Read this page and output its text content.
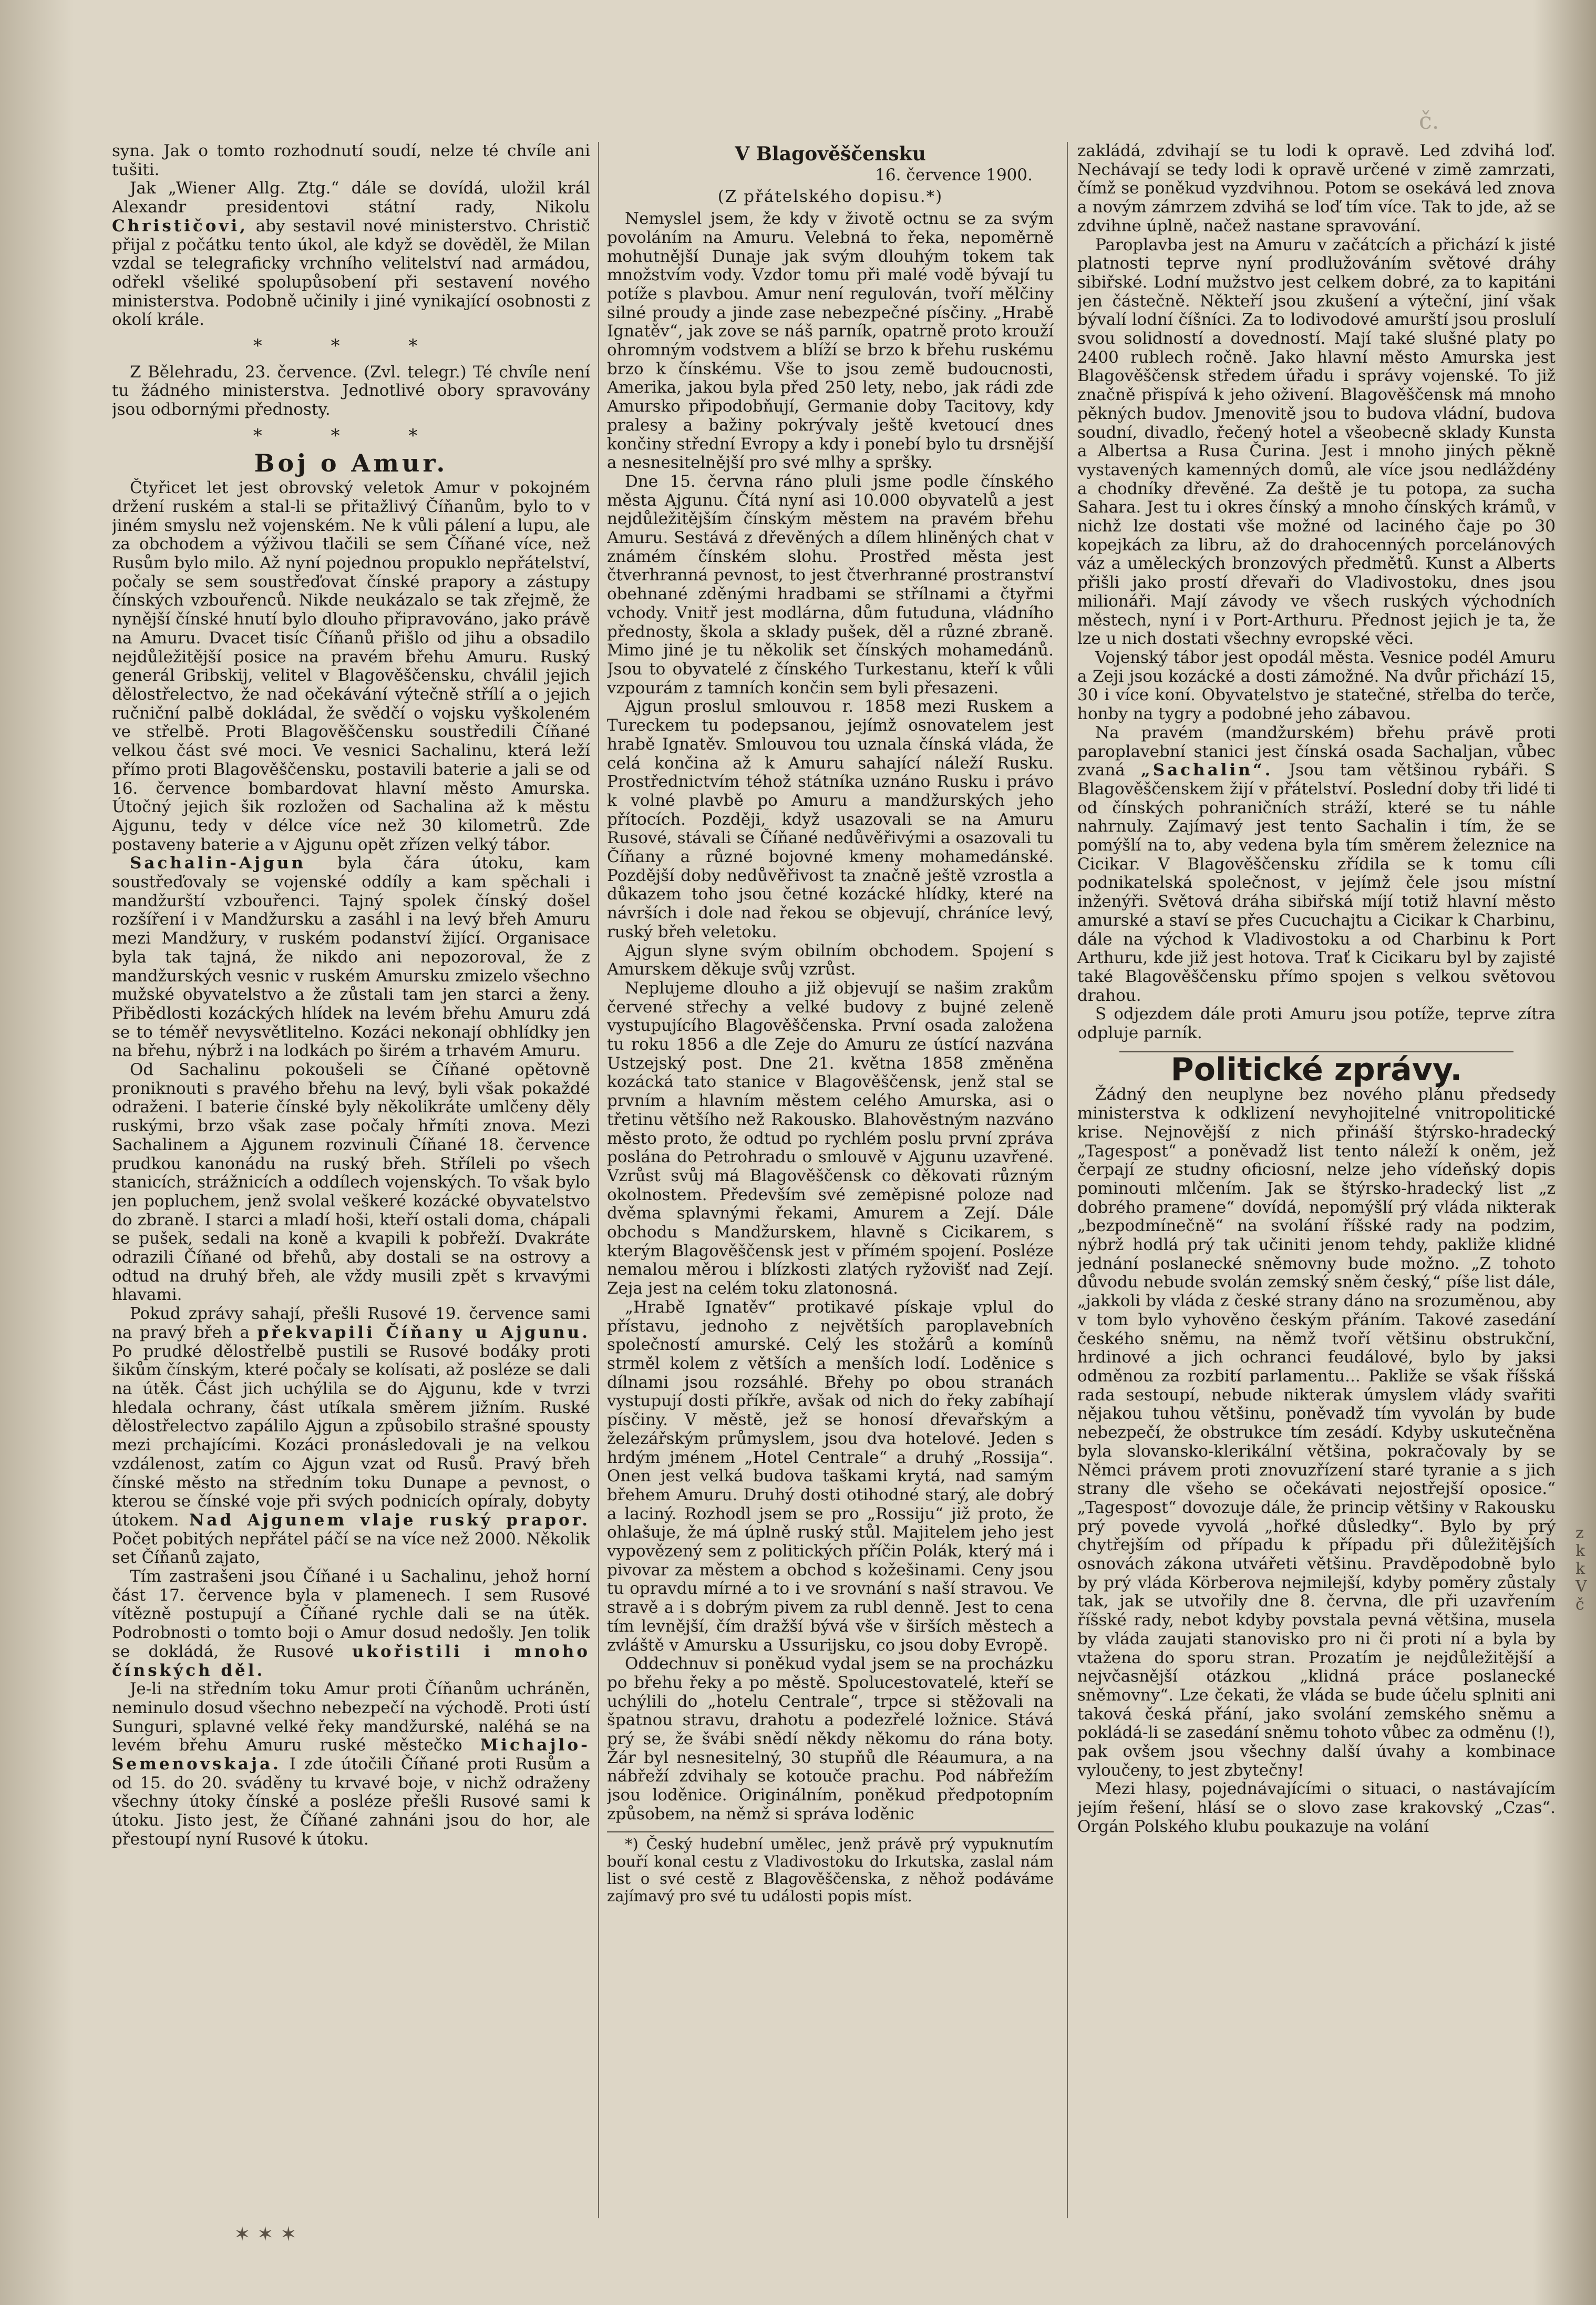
č.

syna. Jak o tomto rozhodnutí soudí, nelze té chvíle ani tušiti.

Jak „Wiener Allg. Ztg.“ dále se dovídá, uložil král Alexandr presidentovi státní rady, Nikolu Christičovi, aby sestavil nové ministerstvo. Christič přijal z počátku tento úkol, ale když se dověděl, že Milan vzdal se telegraficky vrchního velitelství nad armádou, odřekl všeliké spolupůsobení při sestavení nového ministerstva. Podobně učinily i jiné vynikající osobnosti z okolí krále.

* * *

Z Bělehradu, 23. července. (Zvl. telegr.) Té chvíle není tu žádného ministerstva. Jednotlivé obory spravovány jsou odbornými přednosty.

* * *

Boj o Amur.

Čtyřicet let jest obrovský veletok Amur v pokojném držení ruském a stal-li se přitažlivý Číňanům, bylo to v jiném smyslu než vojenském. Ne k vůli pálení a lupu, ale za obchodem a výživou tlačili se sem Číňané více, než Rusům bylo milo. Až nyní pojednou propuklo nepřátelství, počaly se sem soustřeďovat čínské prapory a zástupy čínských vzbouřenců. Nikde neukázalo se tak zřejmě, že nynější čínské hnutí bylo dlouho připravováno, jako právě na Amuru. Dvacet tisíc Číňanů přišlo od jihu a obsadilo nejdůležitější posice na pravém břehu Amuru. Ruský generál Gribskij, velitel v Blagověščensku, chválil jejich dělostřelectvo, že nad očekávání výtečně střílí a o jejich ručniční palbě dokládal, že svědčí o vojsku vyškoleném ve střelbě. Proti Blagověščensku soustředili Číňané velkou část své moci. Ve vesnici Sachalinu, která leží přímo proti Blagověščensku, postavili baterie a jali se od 16. července bombardovat hlavní město Amurska. Útočný jejich šik rozložen od Sachalina až k městu Ajgunu, tedy v délce více než 30 kilometrů. Zde postaveny baterie a v Ajgunu opět zřízen velký tábor.

Sachalin-Ajgun byla čára útoku, kam soustřeďovaly se vojenské oddíly a kam spěchali i mandžurští vzbouřenci. Tajný spolek čínský došel rozšíření i v Mandžursku a zasáhl i na levý břeh Amuru mezi Mandžury, v ruském podanství žijící. Organisace byla tak tajná, že nikdo ani nepozoroval, že z mandžurských vesnic v ruském Amursku zmizelo všechno mužské obyvatelstvo a že zůstali tam jen starci a ženy. Přibědlosti kozáckých hlídek na levém břehu Amuru zdá se to téměř nevysvětlitelno. Kozáci nekonají obhlídky jen na břehu, nýbrž i na lodkách po širém a trhavém Amuru.

Od Sachalinu pokoušeli se Číňané opětovně proniknouti s pravého břehu na levý, byli však pokaždé odraženi. I baterie čínské byly několikráte umlčeny děly ruskými, brzo však zase počaly hřmíti znova. Mezi Sachalinem a Ajgunem rozvinuli Číňané 18. července prudkou kanonádu na ruský břeh. Stříleli po všech stanicích, strážnicích a oddílech vojenských. To však bylo jen popluchem, jenž svolal veškeré kozácké obyvatelstvo do zbraně. I starci a mladí hoši, kteří ostali doma, chápali se pušek, sedali na koně a kvapili k pobřeží. Dvakráte odrazili Číňané od břehů, aby dostali se na ostrovy a odtud na druhý břeh, ale vždy musili zpět s krvavými hlavami.

Pokud zprávy sahají, přešli Rusové 19. července sami na pravý břeh a překvapili Číňany u Ajgunu. Po prudké dělostřelbě pustili se Rusové bodáky proti šikům čínským, které počaly se kolísati, až posléze se dali na útěk. Část jich uchýlila se do Ajgunu, kde v tvrzi hledala ochrany, část utíkala směrem jižním. Ruské dělostřelectvo zapálilo Ajgun a způsobilo strašné spousty mezi prchajícími. Kozáci pronásledovali je na velkou vzdálenost, zatím co Ajgun vzat od Rusů. Pravý břeh čínské město na středním toku Dunape a pevnost, o kterou se čínské voje při svých podnicích opíraly, dobyty útokem. Nad Ajgunem vlaje ruský prapor. Počet pobitých nepřátel páčí se na více než 2000. Několik set Číňanů zajato,

Tím zastrašeni jsou Číňané i u Sachalinu, jehož horní část 17. července byla v plamenech. I sem Rusové vítězně postupují a Číňané rychle dali se na útěk. Podrobnosti o tomto boji o Amur dosud nedošly. Jen tolik se dokládá, že Rusové ukořistili i mnoho čínských děl.

Je-li na středním toku Amur proti Číňanům uchráněn, neminulo dosud všechno nebezpečí na východě. Proti ústí Sunguri, splavné velké řeky mandžurské, naléhá se na levém břehu Amuru ruské městečko Michajlo-Semenovskaja. I zde útočili Číňané proti Rusům a od 15. do 20. sváděny tu krvavé boje, v nichž odraženy všechny útoky čínské a posléze přešli Rusové sami k útoku. Jisto jest, že Číňané zahnáni jsou do hor, ale přestoupí nyní Rusové k útoku.

V Blagověščensku
16. července 1900.
(Z přátelského dopisu.*)

Nemyslel jsem, že kdy v životě octnu se za svým povoláním na Amuru. Velebná to řeka, nepoměrně mohutnější Dunaje jak svým dlouhým tokem tak množstvím vody. Vzdor tomu při malé vodě bývají tu potíže s plavbou. Amur není regulován, tvoří mělčiny silné proudy a jinde zase nebezpečné písčiny. „Hrabě Ignatěv“, jak zove se náš parník, opatrně proto krouží ohromným vodstvem a blíží se brzo k břehu ruskému brzo k čínskému. Vše to jsou země budoucnosti, Amerika, jakou byla před 250 lety, nebo, jak rádi zde Amursko připodobňují, Germanie doby Tacitovy, kdy pralesy a bažiny pokrývaly ještě kvetoucí dnes končiny střední Evropy a kdy i ponebí bylo tu drsnější a nesnesitelnější pro své mlhy a spršky.

Dne 15. června ráno pluli jsme podle čínského města Ajgunu. Čítá nyní asi 10.000 obyvatelů a jest nejdůležitějším čínským městem na pravém břehu Amuru. Sestává z dřevěných a dílem hliněných chat v známém čínském slohu. Prostřed města jest čtverhranná pevnost, to jest čtverhranné prostranství obehnané zděnými hradbami se střílnami a čtyřmi vchody. Vnitř jest modlárna, dům futuduna, vládního přednosty, škola a sklady pušek, děl a různé zbraně. Mimo jiné je tu několik set čínských mohamedánů. Jsou to obyvatelé z čínského Turkestanu, kteří k vůli vzpourám z tamních končin sem byli přesazeni.

Ajgun proslul smlouvou r. 1858 mezi Ruskem a Tureckem tu podepsanou, jejímž osnovatelem jest hrabě Ignatěv. Smlouvou tou uznala čínská vláda, že celá končina až k Amuru sahající náleží Rusku. Prostřednictvím téhož státníka uznáno Rusku i právo k volné plavbě po Amuru a mandžurských jeho přítocích. Později, když usazovali se na Amuru Rusové, stávali se Číňané nedůvěřivými a osazovali tu Číňany a různé bojovné kmeny mohamedánské. Pozdější doby nedůvěřivost ta značně ještě vzrostla a důkazem toho jsou četné kozácké hlídky, které na návrších i dole nad řekou se objevují, chráníce levý, ruský břeh veletoku.

Ajgun slyne svým obilním obchodem. Spojení s Amurskem děkuje svůj vzrůst.

Neplujeme dlouho a již objevují se našim zrakům červené střechy a velké budovy z bujné zeleně vystupujícího Blagověščenska. První osada založena tu roku 1856 a dle Zeje do Amuru ze ústící nazvána Ustzejský post. Dne 21. května 1858 změněna kozácká tato stanice v Blagověščensk, jenž stal se prvním a hlavním městem celého Amurska, asi o třetinu většího než Rakousko. Blahověstným nazváno město proto, že odtud po rychlém poslu první zpráva poslána do Petrohradu o smlouvě v Ajgunu uzavřené. Vzrůst svůj má Blagověščensk co děkovati různým okolnostem. Především své zeměpisné poloze nad dvěma splavnými řekami, Amurem a Zejí. Dále obchodu s Mandžurskem, hlavně s Cicikarem, s kterým Blagověščensk jest v přímém spojení. Posléze nemalou měrou i blízkosti zlatých ryžovišť nad Zejí. Zeja jest na celém toku zlatonosná.

„Hrabě Ignatěv“ protikavé pískaje vplul do přístavu, jednoho z největších paroplavebních společností amurské. Celý les stožárů a komínů strměl kolem z větších a menších lodí. Loděnice s dílnami jsou rozsáhlé. Břehy po obou stranách vystupují dosti příkře, avšak od nich do řeky zabíhají písčiny. V městě, jež se honosí dřevařským a železářským průmyslem, jsou dva hotelové. Jeden s hrdým jménem „Hotel Centrale“ a druhý „Rossija“. Onen jest velká budova taškami krytá, nad samým břehem Amuru. Druhý dosti otihodné starý, ale dobrý a laciný. Rozhodl jsem se pro „Rossiju“ již proto, že ohlašuje, že má úplně ruský stůl. Majitelem jeho jest vypovězený sem z politických příčin Polák, který má i pivovar za městem a obchod s kožešinami. Ceny jsou tu opravdu mírné a to i ve srovnání s naší stravou. Ve stravě a i s dobrým pivem za rubl denně. Jest to cena tím levnější, čím dražší bývá vše v širších městech a zvláště v Amursku a Ussurijsku, co jsou doby Evropě.

Oddechnuv si poněkud vydal jsem se na procházku po břehu řeky a po městě. Spolucestovatelé, kteří se uchýlili do „hotelu Centrale“, trpce si stěžovali na špatnou stravu, drahotu a podezřelé ložnice. Stává prý se, že švábi snědí někdy někomu do rána boty. Žár byl nesnesitelný, 30 stupňů dle Réaumura, a na nábřeží zdvihaly se kotouče prachu. Pod nábřežím jsou loděnice. Originálním, poněkud předpotopním způsobem, na němž si správa loděnic

*) Český hudební umělec, jenž právě prý vypuknutím bouří konal cestu z Vladivostoku do Irkutska, zaslal nám list o své cestě z Blagověščenska, z něhož podáváme zajímavý pro své tu události popis míst.

zakládá, zdvihají se tu lodi k opravě. Led zdvihá loď. Nechávají se tedy lodi k opravě určené v zimě zamrzati, čímž se poněkud vyzdvihnou. Potom se osekává led znova a novým zámrzem zdvihá se loď tím více. Tak to jde, až se zdvihne úplně, načež nastane spravování.

Paroplavba jest na Amuru v začátcích a přichází k jisté platnosti teprve nyní prodlužováním světové dráhy sibiřské. Lodní mužstvo jest celkem dobré, za to kapitáni jen částečně. Někteří jsou zkušení a výteční, jiní však bývalí lodní číšníci. Za to lodivodové amurští jsou proslulí svou solidností a dovedností. Mají také slušné platy po 2400 rublech ročně. Jako hlavní město Amurska jest Blagověščensk středem úřadu i správy vojenské. To již značně přispívá k jeho oživení. Blagověščensk má mnoho pěkných budov. Jmenovitě jsou to budova vládní, budova soudní, divadlo, řečený hotel a všeobecně sklady Kunsta a Albertsa a Rusa Čurina. Jest i mnoho jiných pěkně vystavených kamenných domů, ale více jsou nedláždény a chodníky dřevěné. Za deště je tu potopa, za sucha Sahara. Jest tu i okres čínský a mnoho čínských krámů, v nichž lze dostati vše možné od laciného čaje po 30 kopejkách za libru, až do drahocenných porcelánových váz a uměleckých bronzových předmětů. Kunst a Alberts přišli jako prostí dřevaři do Vladivostoku, dnes jsou milionáři. Mají závody ve všech ruských východních městech, nyní i v Port-Arthuru. Přednost jejich je ta, že lze u nich dostati všechny evropské věci.

Vojenský tábor jest opodál města. Vesnice podél Amuru a Zeji jsou kozácké a dosti zámožné. Na dvůr přichází 15, 30 i více koní. Obyvatelstvo je statečné, střelba do terče, honby na tygry a podobné jeho zábavou.

Na pravém (mandžurském) břehu právě proti paroplavební stanici jest čínská osada Sachaljan, vůbec zvaná „Sachalin“. Jsou tam většinou rybáři. S Blagověščenskem žijí v přátelství. Poslední doby tři lidé ti od čínských pohraničních stráží, které se tu náhle nahrnuly. Zajímavý jest tento Sachalin i tím, že se pomýšlí na to, aby vedena byla tím směrem železnice na Cicikar. V Blagověščensku zřídila se k tomu cíli podnikatelská společnost, v jejímž čele jsou místní inženýři. Světová dráha sibiřská míjí totiž hlavní město amurské a staví se přes Cucuchajtu a Cicikar k Charbinu, dále na východ k Vladivostoku a od Charbinu k Port Arthuru, kde již jest hotova. Trať k Cicikaru byl by zajisté také Blagověščensku přímo spojen s velkou světovou drahou.

S odjezdem dále proti Amuru jsou potíže, teprve zítra odpluje parník.

Politické zprávy.

Žádný den neuplyne bez nového plánu předsedy ministerstva k odklizení nevyhojitelné vnitropolitické krise. Nejnovější z nich přináší štýrsko-hradecký „Tagespost“ a poněvadž list tento náleží k oněm, jež čerpají ze studny oficiosní, nelze jeho vídeňský dopis pominouti mlčením. Jak se štýrsko-hradecký list „z dobrého pramene“ dovídá, nepomýšlí prý vláda nikterak „bezpodmínečně“ na svolání říšské rady na podzim, nýbrž hodlá prý tak učiniti jenom tehdy, pakliže klidné jednání poslanecké sněmovny bude možno. „Z tohoto důvodu nebude svolán zemský sněm český,“ píše list dále, „jakkoli by vláda z české strany dáno na srozuměnou, aby v tom bylo vyhověno českým přáním. Takové zasedání českého sněmu, na němž tvoří většinu obstrukční, hrdinové a jich ochranci feudálové, bylo by jaksi odměnou za rozbití parlamentu... Pakliže se však říšská rada sestoupí, nebude nikterak úmyslem vlády svařiti nějakou tuhou většinu, poněvadž tím vyvolán by bude nebezpečí, že obstrukce tím zesádí. Kdyby uskutečněna byla slovansko-klerikální většina, pokračovaly by se Němci právem proti znovuzřízení staré tyranie a s jich strany dle všeho se očekávati nejostřejší oposice.“ „Tagespost“ dovozuje dále, že princip většiny v Rakousku prý povede vyvolá „hořké důsledky“. Bylo by prý chytřejším od případu k případu při důležitějších osnovách zákona utvářeti většinu. Pravděpodobně bylo by prý vláda Körberova nejmilejší, kdyby poměry zůstaly tak, jak se utvořily dne 8. června, dle při uzavřením říšské rady, nebot kdyby povstala pevná většina, musela by vláda zaujati stanovisko pro ni či proti ní a byla by vtažena do sporu stran. Prozatím je nejdůležitější a nejvčasnější otázkou „klidná práce poslanecké sněmovny“. Lze čekati, že vláda se bude účelu splniti ani taková česká přání, jako svolání zemského sněmu a pokládá-li se zasedání sněmu tohoto vůbec za odměnu (!), pak ovšem jsou všechny další úvahy a kombinace vyloučeny, to jest zbytečny!

Mezi hlasy, pojednávajícími o situaci, o nastávajícím jejím řešení, hlásí se o slovo zase krakovský „Czas“. Orgán Polského klubu poukazuje na volání

✶ ✶ ✶
z
k
k
V
č
